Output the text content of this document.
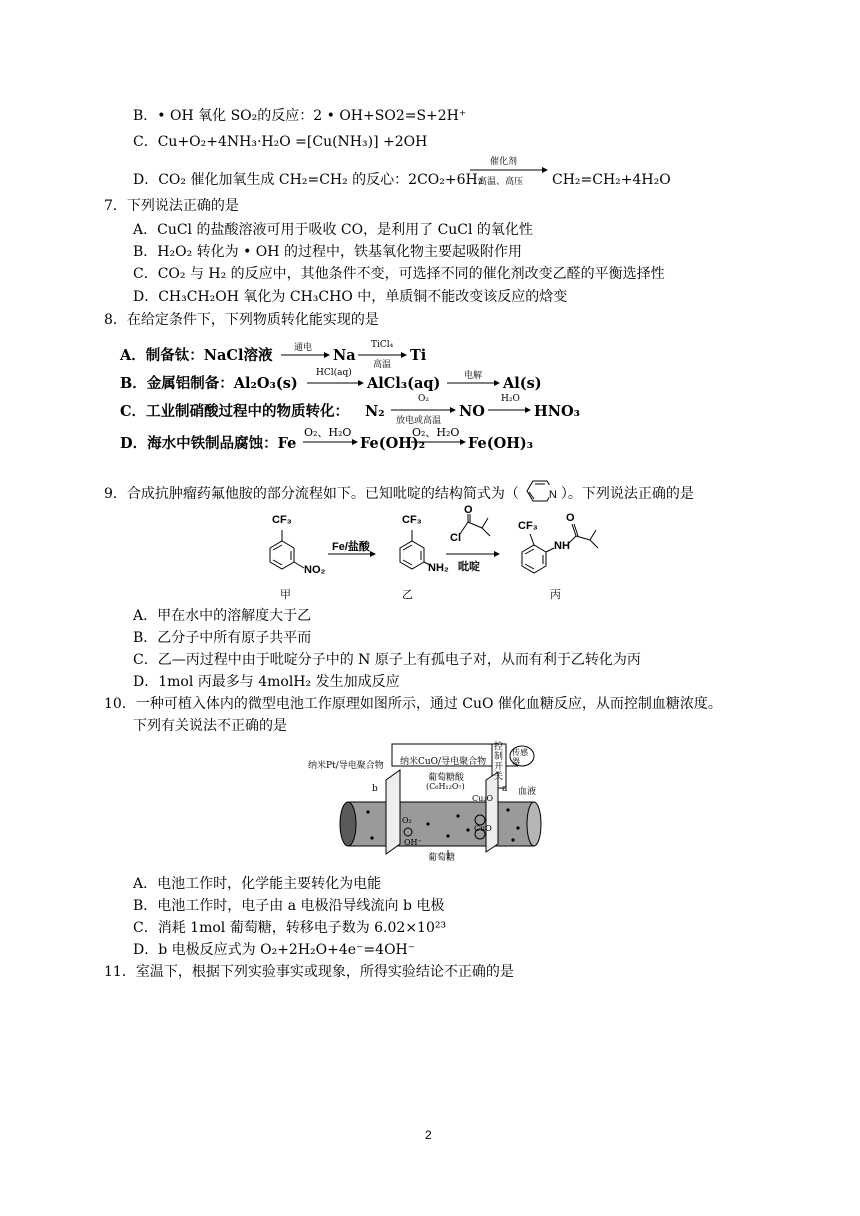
B．• OH 氧化 SO₂的反应：2 • OH+SO2=S+2H⁺
C．Cu+O₂+4NH₃·H₂O =[Cu(NH₃)] +2OH
D．CO₂ 催化加氧生成 CH₂=CH₂ 的反心：2CO₂+6H₂
催化剂
高温、高压 CH₂=CH₂+4H₂O
7．下列说法正确的是
A．CuCl 的盐酸溶液可用于吸收 CO，是利用了 CuCl 的氧化性
B．H₂O₂ 转化为 • OH 的过程中，铁基氧化物主要起吸附作用
C．CO₂ 与 H₂ 的反应中，其他条件不变，可选择不同的催化剂改变乙醛的平衡选择性
D．CH₃CH₂OH 氧化为 CH₃CHO 中，单质铜不能改变该反应的焓变
8．在给定条件下，下列物质转化能实现的是
A．制备钛：NaCl溶液 通电 Na
TiCl₄
高温
Ti
B．金属铝制备：Al₂O₃(s)
HCl(aq)
AlCl₃(aq)	电解 Al(s)
C．工业制硝酸过程中的物质转化： N₂
O₂
放电或高温
NO
H₂O
HNO₃
D．海水中铁制品腐蚀：Fe
O₂、H₂O
Fe(OH)₂
O₂、H₂O
Fe(OH)₃
9．合成抗肿瘤药氟他胺的部分流程如下。已知吡啶的结构简式为（	N ）。下列说法正确的是
CF₃
NO₂
Fe/盐酸
CF₃
NH₂
O
Cl
吡啶
CF₃
NH
O
甲	乙	丙
A．甲在水中的溶解度大于乙
B．乙分子中所有原子共平而
C．乙—丙过程中由于吡啶分子中的 N 原子上有孤电子对，从而有利于乙转化为丙
D．1mol 丙最多与 4molH₂ 发生加成反应
10．一种可植入体内的微型电池工作原理如图所示，通过 CuO 催化血糖反应，从而控制血糖浓度。
下列有关说法不正确的是
纳米Pt/导电聚合物 纳米CuO/导电聚合物
控制开关
传感器
葡萄糖酸
(C₆H₁₂O₇)
血液
葡萄糖
b	a
Cu₂O
CuO
OH⁻
O₂
A．电池工作时，化学能主要转化为电能
B．电池工作时，电子由 a 电极沿导线流向 b 电极
C．消耗 1mol 葡萄糖，转移电子数为 6.02×10²³
D．b 电极反应式为 O₂+2H₂O+4e⁻=4OH⁻
11．室温下，根据下列实验事实或现象，所得实验结论不正确的是
2
